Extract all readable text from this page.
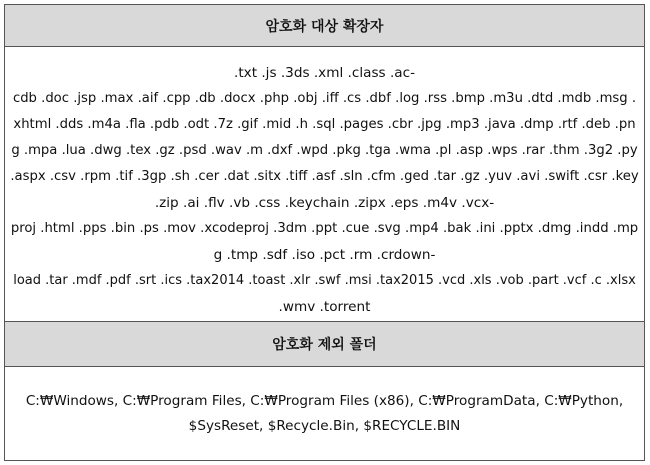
암호화 대상 확장자
.txt .js .3ds .xml .class .ac-
cdb .doc .jsp .max .aif .cpp .db .docx .php .obj .iff .cs .dbf .log .rss .bmp .m3u .dtd .mdb .msg .
xhtml .dds .m4a .fla .pdb .odt .7z .gif .mid .h .sql .pages .cbr .jpg .mp3 .java .dmp .rtf .deb .pn
g .mpa .lua .dwg .tex .gz .psd .wav .m .dxf .wpd .pkg .tga .wma .pl .asp .wps .rar .thm .3g2 .py
.aspx .csv .rpm .tif .3gp .sh .cer .dat .sitx .tiff .asf .sln .cfm .ged .tar .gz .yuv .avi .swift .csr .key
.zip .ai .flv .vb .css .keychain .zipx .eps .m4v .vcx-
proj .html .pps .bin .ps .mov .xcodeproj .3dm .ppt .cue .svg .mp4 .bak .ini .pptx .dmg .indd .mp
g .tmp .sdf .iso .pct .rm .crdown-
load .tar .mdf .pdf .srt .ics .tax2014 .toast .xlr .swf .msi .tax2015 .vcd .xls .vob .part .vcf .c .xlsx
.wmv .torrent
암호화 제외 폴더
C:₩Windows, C:₩Program Files, C:₩Program Files (x86), C:₩ProgramData, C:₩Python,
$SysReset, $Recycle.Bin, $RECYCLE.BIN
